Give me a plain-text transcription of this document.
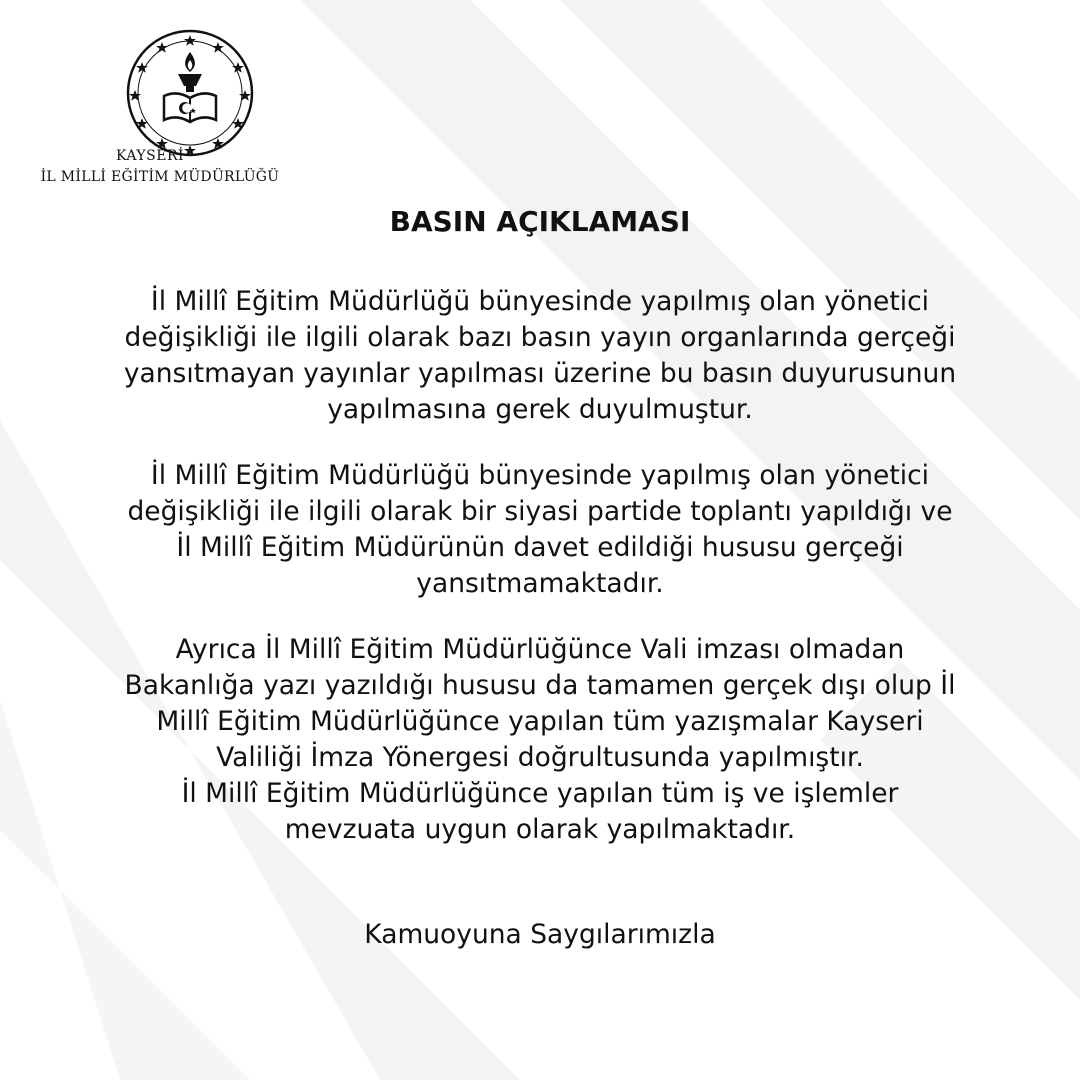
KAYSERİ
İL MİLLİ EĞİTİM MÜDÜRLÜĞÜ
BASIN AÇIKLAMASI

İl Millî Eğitim Müdürlüğü bünyesinde yapılmış olan yönetici
değişikliği ile ilgili olarak bazı basın yayın organlarında gerçeği
yansıtmayan yayınlar yapılması üzerine bu basın duyurusunun
yapılmasına gerek duyulmuştur.

İl Millî Eğitim Müdürlüğü bünyesinde yapılmış olan yönetici
değişikliği ile ilgili olarak bir siyasi partide toplantı yapıldığı ve
İl Millî Eğitim Müdürünün davet edildiği hususu gerçeği
yansıtmamaktadır.

Ayrıca İl Millî Eğitim Müdürlüğünce Vali imzası olmadan
Bakanlığa yazı yazıldığı hususu da tamamen gerçek dışı olup İl
Millî Eğitim Müdürlüğünce yapılan tüm yazışmalar Kayseri
Valiliği İmza Yönergesi doğrultusunda yapılmıştır.
İl Millî Eğitim Müdürlüğünce yapılan tüm iş ve işlemler
mevzuata uygun olarak yapılmaktadır.

Kamuoyuna Saygılarımızla
